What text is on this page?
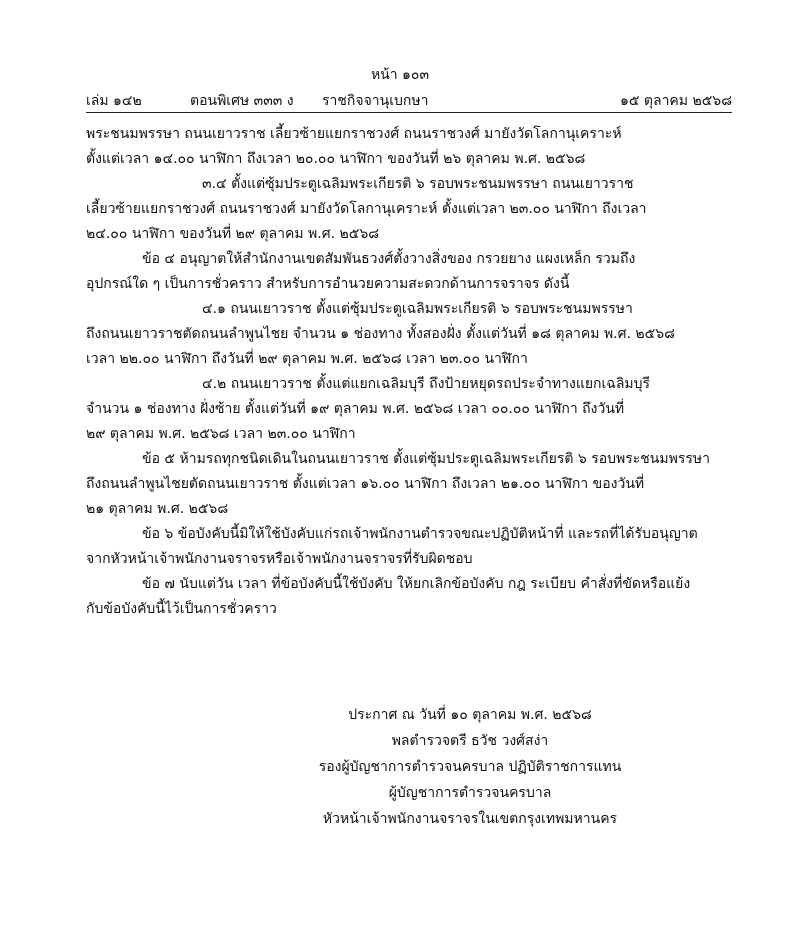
หน้า ๑๐๓
เล่ม ๑๔๒	ตอนพิเศษ ๓๓๓ ง ราชกิจจานุเบกษา	๑๕ ตุลาคม ๒๕๖๘
พระชนมพรรษา ถนนเยาวราช เลี้ยวซ้ายแยกราชวงศ์ ถนนราชวงศ์ มายังวัดโลกานุเคราะห์
ตั้งแต่เวลา ๑๔.๐๐ นาฬิกา ถึงเวลา ๒๐.๐๐ นาฬิกา ของวันที่ ๒๖ ตุลาคม พ.ศ. ๒๕๖๘
๓.๔ ตั้งแต่ซุ้มประตูเฉลิมพระเกียรติ ๖ รอบพระชนมพรรษา ถนนเยาวราช
เลี้ยวซ้ายแยกราชวงศ์ ถนนราชวงศ์ มายังวัดโลกานุเคราะห์ ตั้งแต่เวลา ๒๓.๐๐ นาฬิกา ถึงเวลา
๒๔.๐๐ นาฬิกา ของวันที่ ๒๙ ตุลาคม พ.ศ. ๒๕๖๘
ข้อ ๔ อนุญาตให้สำนักงานเขตสัมพันธวงศ์ตั้งวางสิ่งของ กรวยยาง แผงเหล็ก รวมถึง
อุปกรณ์ใด ๆ เป็นการชั่วคราว สำหรับการอำนวยความสะดวกด้านการจราจร ดังนี้
๔.๑ ถนนเยาวราช ตั้งแต่ซุ้มประตูเฉลิมพระเกียรติ ๖ รอบพระชนมพรรษา
ถึงถนนเยาวราชตัดถนนลำพูนไชย จำนวน ๑ ช่องทาง ทั้งสองฝั่ง ตั้งแต่วันที่ ๑๘ ตุลาคม พ.ศ. ๒๕๖๘
เวลา ๒๒.๐๐ นาฬิกา ถึงวันที่ ๒๙ ตุลาคม พ.ศ. ๒๕๖๘ เวลา ๒๓.๐๐ นาฬิกา
๔.๒ ถนนเยาวราช ตั้งแต่แยกเฉลิมบุรี ถึงป้ายหยุดรถประจำทางแยกเฉลิมบุรี
จำนวน ๑ ช่องทาง ฝั่งซ้าย ตั้งแต่วันที่ ๑๙ ตุลาคม พ.ศ. ๒๕๖๘ เวลา ๐๐.๐๐ นาฬิกา ถึงวันที่
๒๙ ตุลาคม พ.ศ. ๒๕๖๘ เวลา ๒๓.๐๐ นาฬิกา
ข้อ ๕ ห้ามรถทุกชนิดเดินในถนนเยาวราช ตั้งแต่ซุ้มประตูเฉลิมพระเกียรติ ๖ รอบพระชนมพรรษา
ถึงถนนลำพูนไชยตัดถนนเยาวราช ตั้งแต่เวลา ๑๖.๐๐ นาฬิกา ถึงเวลา ๒๑.๐๐ นาฬิกา ของวันที่
๒๑ ตุลาคม พ.ศ. ๒๕๖๘
ข้อ ๖ ข้อบังคับนี้มิให้ใช้บังคับแก่รถเจ้าพนักงานตำรวจขณะปฏิบัติหน้าที่ และรถที่ได้รับอนุญาต
จากหัวหน้าเจ้าพนักงานจราจรหรือเจ้าพนักงานจราจรที่รับผิดชอบ
ข้อ ๗ นับแต่วัน เวลา ที่ข้อบังคับนี้ใช้บังคับ ให้ยกเลิกข้อบังคับ กฎ ระเบียบ คำสั่งที่ขัดหรือแย้ง
กับข้อบังคับนี้ไว้เป็นการชั่วคราว
ประกาศ ณ วันที่ ๑๐ ตุลาคม พ.ศ. ๒๕๖๘
พลตำรวจตรี ธวัช วงศ์สง่า
รองผู้บัญชาการตำรวจนครบาล ปฏิบัติราชการแทน
ผู้บัญชาการตำรวจนครบาล
หัวหน้าเจ้าพนักงานจราจรในเขตกรุงเทพมหานคร
